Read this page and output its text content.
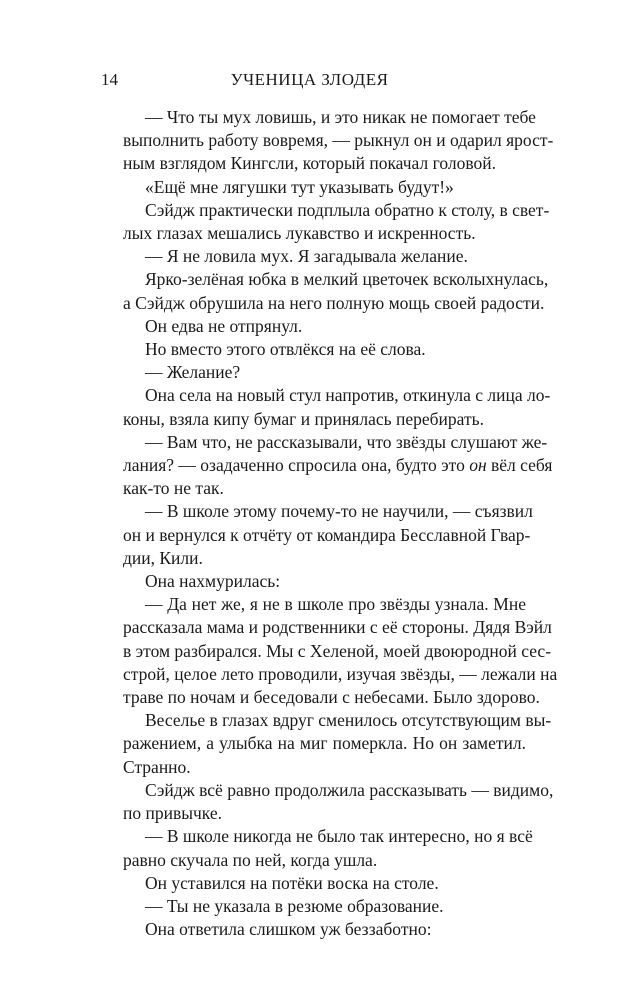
14	УЧЕНИЦА ЗЛОДЕЯ
— Что ты мух ловишь, и это никак не помогает тебе
выполнить работу вовремя, — рыкнул он и одарил ярост-
ным взглядом Кингсли, который покачал головой.
«Ещё мне лягушки тут указывать будут!»
Сэйдж практически подплыла обратно к столу, в свет-
лых глазах мешались лукавство и искренность.
— Я не ловила мух. Я загадывала желание.
Ярко-зелёная юбка в мелкий цветочек всколыхнулась,
а Сэйдж обрушила на него полную мощь своей радости.
Он едва не отпрянул.
Но вместо этого отвлёкся на её слова.
— Желание?
Она села на новый стул напротив, откинула с лица ло-
коны, взяла кипу бумаг и принялась перебирать.
— Вам что, не рассказывали, что звёзды слушают же-
лания? — озадаченно спросила она, будто это он вёл себя
как-то не так.
— В школе этому почему-то не научили, — съязвил
он и вернулся к отчёту от командира Бесславной Гвар-
дии, Кили.
Она нахмурилась:
— Да нет же, я не в школе про звёзды узнала. Мне
рассказала мама и родственники с её стороны. Дядя Вэйл
в этом разбирался. Мы с Хеленой, моей двоюродной сес-
строй, целое лето проводили, изучая звёзды, — лежали на
траве по ночам и беседовали с небесами. Было здорово.
Веселье в глазах вдруг сменилось отсутствующим вы-
ражением, а улыбка на миг померкла. Но он заметил.
Странно.
Сэйдж всё равно продолжила рассказывать — видимо,
по привычке.
— В школе никогда не было так интересно, но я всё
равно скучала по ней, когда ушла.
Он уставился на потёки воска на столе.
— Ты не указала в резюме образование.
Она ответила слишком уж беззаботно:
